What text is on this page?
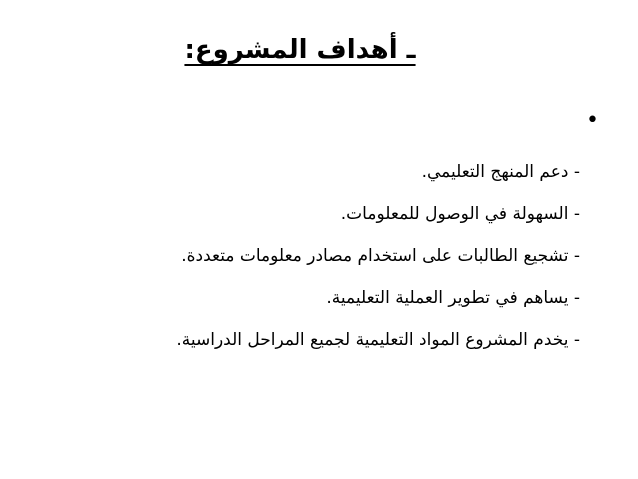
ـ أهداف المشروع:
•
- دعم المنهج التعليمي.
- السهولة في الوصول للمعلومات.
- تشجيع الطالبات على استخدام مصادر معلومات متعددة.
- يساهم في تطوير العملية التعليمية.
- يخدم المشروع المواد التعليمية لجميع المراحل الدراسية.
